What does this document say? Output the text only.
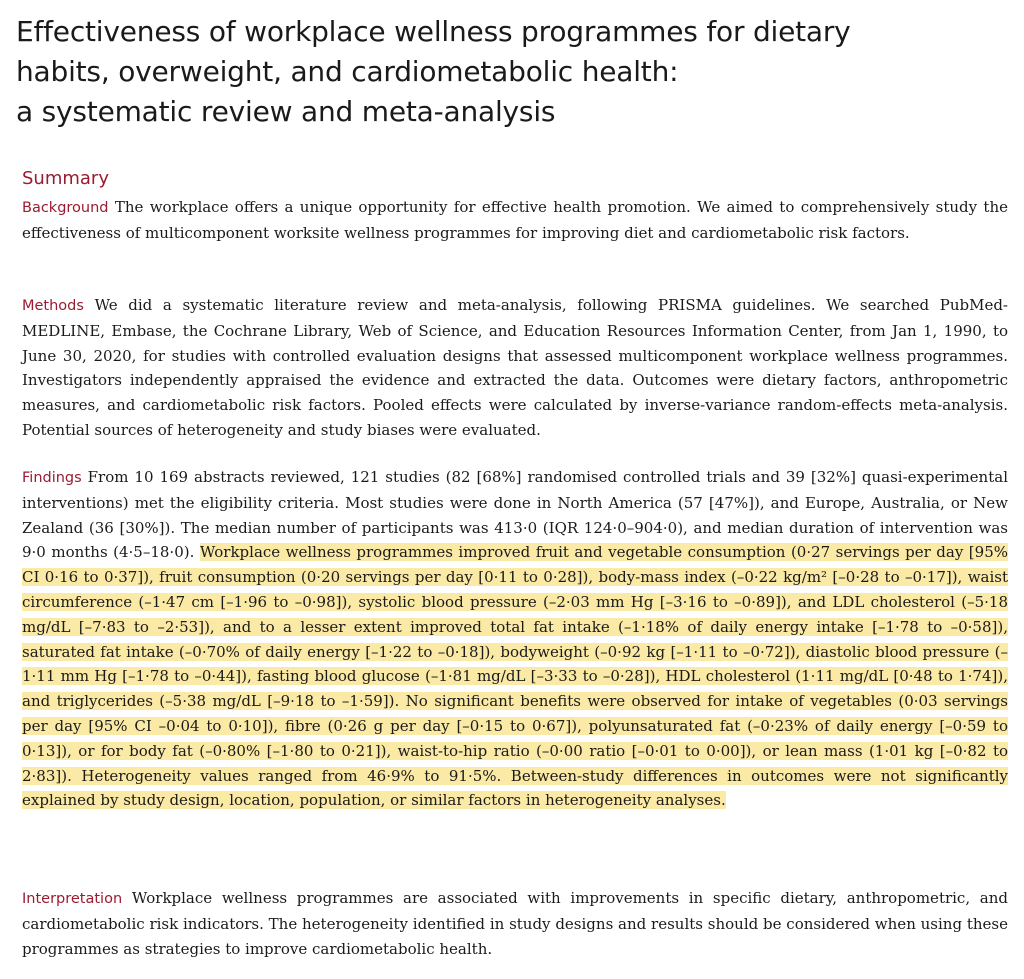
Effectiveness of workplace wellness programmes for dietary
habits, overweight, and cardiometabolic health:
a systematic review and meta-analysis
Summary

Background The workplace offers a unique opportunity for effective health promotion. We aimed to comprehensively study the effectiveness of multicomponent worksite wellness programmes for improving diet and cardiometabolic risk factors.

Methods We did a systematic literature review and meta-analysis, following PRISMA guidelines. We searched PubMed-MEDLINE, Embase, the Cochrane Library, Web of Science, and Education Resources Information Center, from Jan 1, 1990, to June 30, 2020, for studies with controlled evaluation designs that assessed multicomponent workplace wellness programmes. Investigators independently appraised the evidence and extracted the data. Outcomes were dietary factors, anthropometric measures, and cardiometabolic risk factors. Pooled effects were calculated by inverse-variance random-effects meta-analysis. Potential sources of heterogeneity and study biases were evaluated.

Findings From 10 169 abstracts reviewed, 121 studies (82 [68%] randomised controlled trials and 39 [32%] quasi-experimental interventions) met the eligibility criteria. Most studies were done in North America (57 [47%]), and Europe, Australia, or New Zealand (36 [30%]). The median number of participants was 413·0 (IQR 124·0–904·0), and median duration of intervention was 9·0 months (4·5–18·0). Workplace wellness programmes improved fruit and vegetable consumption (0·27 servings per day [95% CI 0·16 to 0·37]), fruit consumption (0·20 servings per day [0·11 to 0·28]), body-mass index (–0·22 kg/m² [–0·28 to –0·17]), waist circumference (–1·47 cm [–1·96 to –0·98]), systolic blood pressure (–2·03 mm Hg [–3·16 to –0·89]), and LDL cholesterol (–5·18 mg/dL [–7·83 to –2·53]), and to a lesser extent improved total fat intake (–1·18% of daily energy intake [–1·78 to –0·58]), saturated fat intake (–0·70% of daily energy [–1·22 to –0·18]), bodyweight (–0·92 kg [–1·11 to –0·72]), diastolic blood pressure (–1·11 mm Hg [–1·78 to –0·44]), fasting blood glucose (–1·81 mg/dL [–3·33 to –0·28]), HDL cholesterol (1·11 mg/dL [0·48 to 1·74]), and triglycerides (–5·38 mg/dL [–9·18 to –1·59]). No significant benefits were observed for intake of vegetables (0·03 servings per day [95% CI –0·04 to 0·10]), fibre (0·26 g per day [–0·15 to 0·67]), polyunsaturated fat (–0·23% of daily energy [–0·59 to 0·13]), or for body fat (–0·80% [–1·80 to 0·21]), waist-to-hip ratio (–0·00 ratio [–0·01 to 0·00]), or lean mass (1·01 kg [–0·82 to 2·83]). Heterogeneity values ranged from 46·9% to 91·5%. Between-study differences in outcomes were not significantly explained by study design, location, population, or similar factors in heterogeneity analyses.

Interpretation Workplace wellness programmes are associated with improvements in specific dietary, anthropometric, and cardiometabolic risk indicators. The heterogeneity identified in study designs and results should be considered when using these programmes as strategies to improve cardiometabolic health.
